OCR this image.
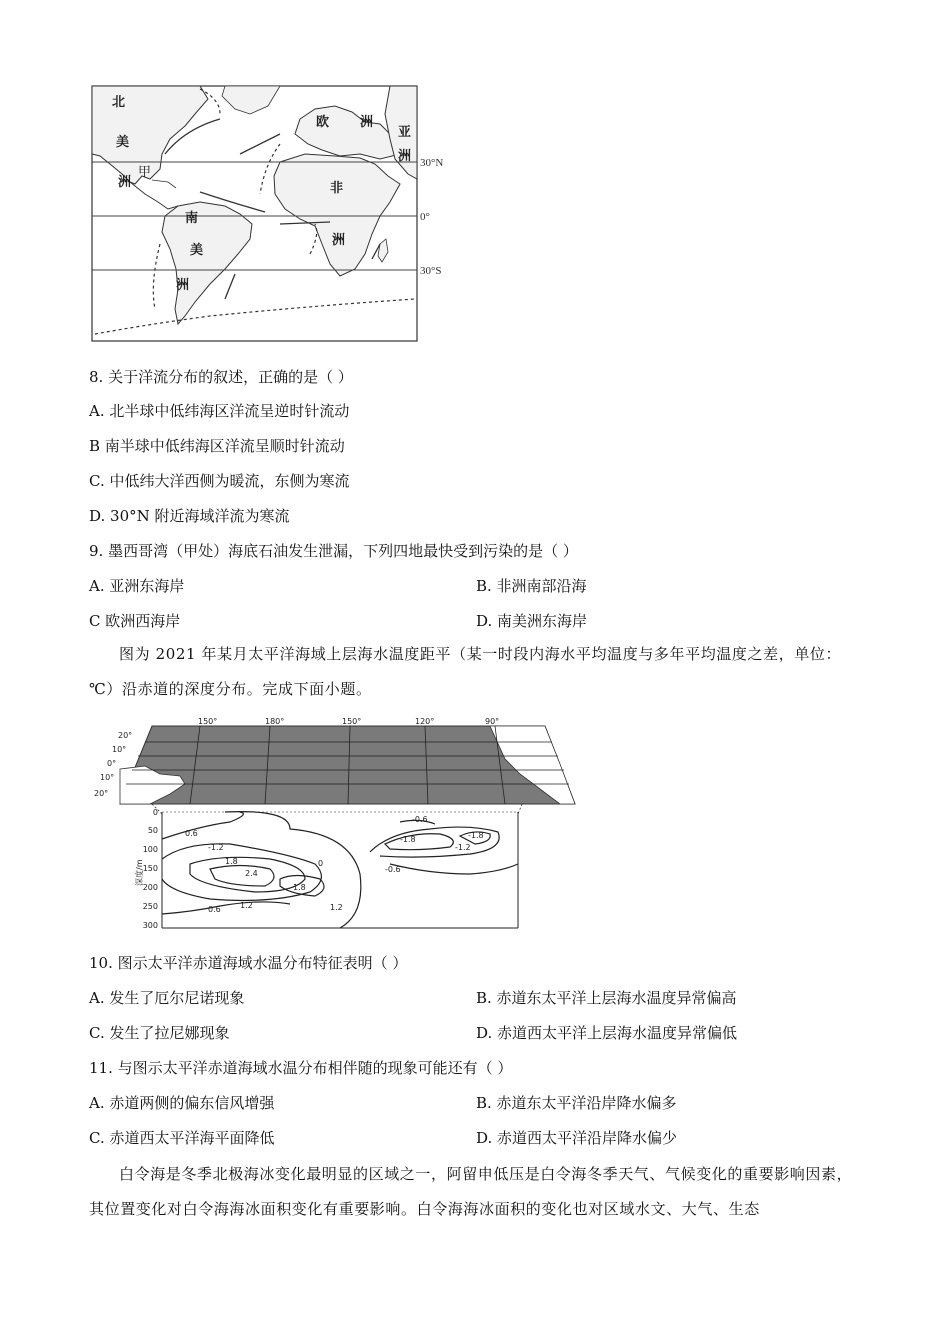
北
美
洲
甲
欧 洲
亚
洲
非
洲
南
美
洲
30°N
0°
30°S
8. 关于洋流分布的叙述，正确的是（ ）
A. 北半球中低纬海区洋流呈逆时针流动
B 南半球中低纬海区洋流呈顺时针流动
C. 中低纬大洋西侧为暖流，东侧为寒流
D. 30°N 附近海域洋流为寒流
9. 墨西哥湾（甲处）海底石油发生泄漏，下列四地最快受到污染的是（ ）
A. 亚洲东海岸	B. 非洲南部沿海
C 欧洲西海岸	D. 南美洲东海岸
图为 2021 年某月太平洋海域上层海水温度距平（某一时段内海水平均温度与多年平均温度之差，单位：℃）沿赤道的深度分布。完成下面小题。
150°	180°	150°	120°	90°
20°
10°
0°
10°
20°
0
50
100
150
200
250
300
深度/m
0.6
-1.2
1.8
2.4
1.8
0
1.2
0.6
-0.6
-1.8	-1.8
-1.2
-0.6
1.2
10. 图示太平洋赤道海域水温分布特征表明（ ）
A. 发生了厄尔尼诺现象	B. 赤道东太平洋上层海水温度异常偏高
C. 发生了拉尼娜现象	D. 赤道西太平洋上层海水温度异常偏低
11. 与图示太平洋赤道海域水温分布相伴随的现象可能还有（ ）
A. 赤道两侧的偏东信风增强	B. 赤道东太平洋沿岸降水偏多
C. 赤道西太平洋海平面降低	D. 赤道西太平洋沿岸降水偏少
白令海是冬季北极海冰变化最明显的区域之一，阿留申低压是白令海冬季天气、气候变化的重要影响因素，其位置变化对白令海海冰面积变化有重要影响。白令海海冰面积的变化也对区域水文、大气、生态
